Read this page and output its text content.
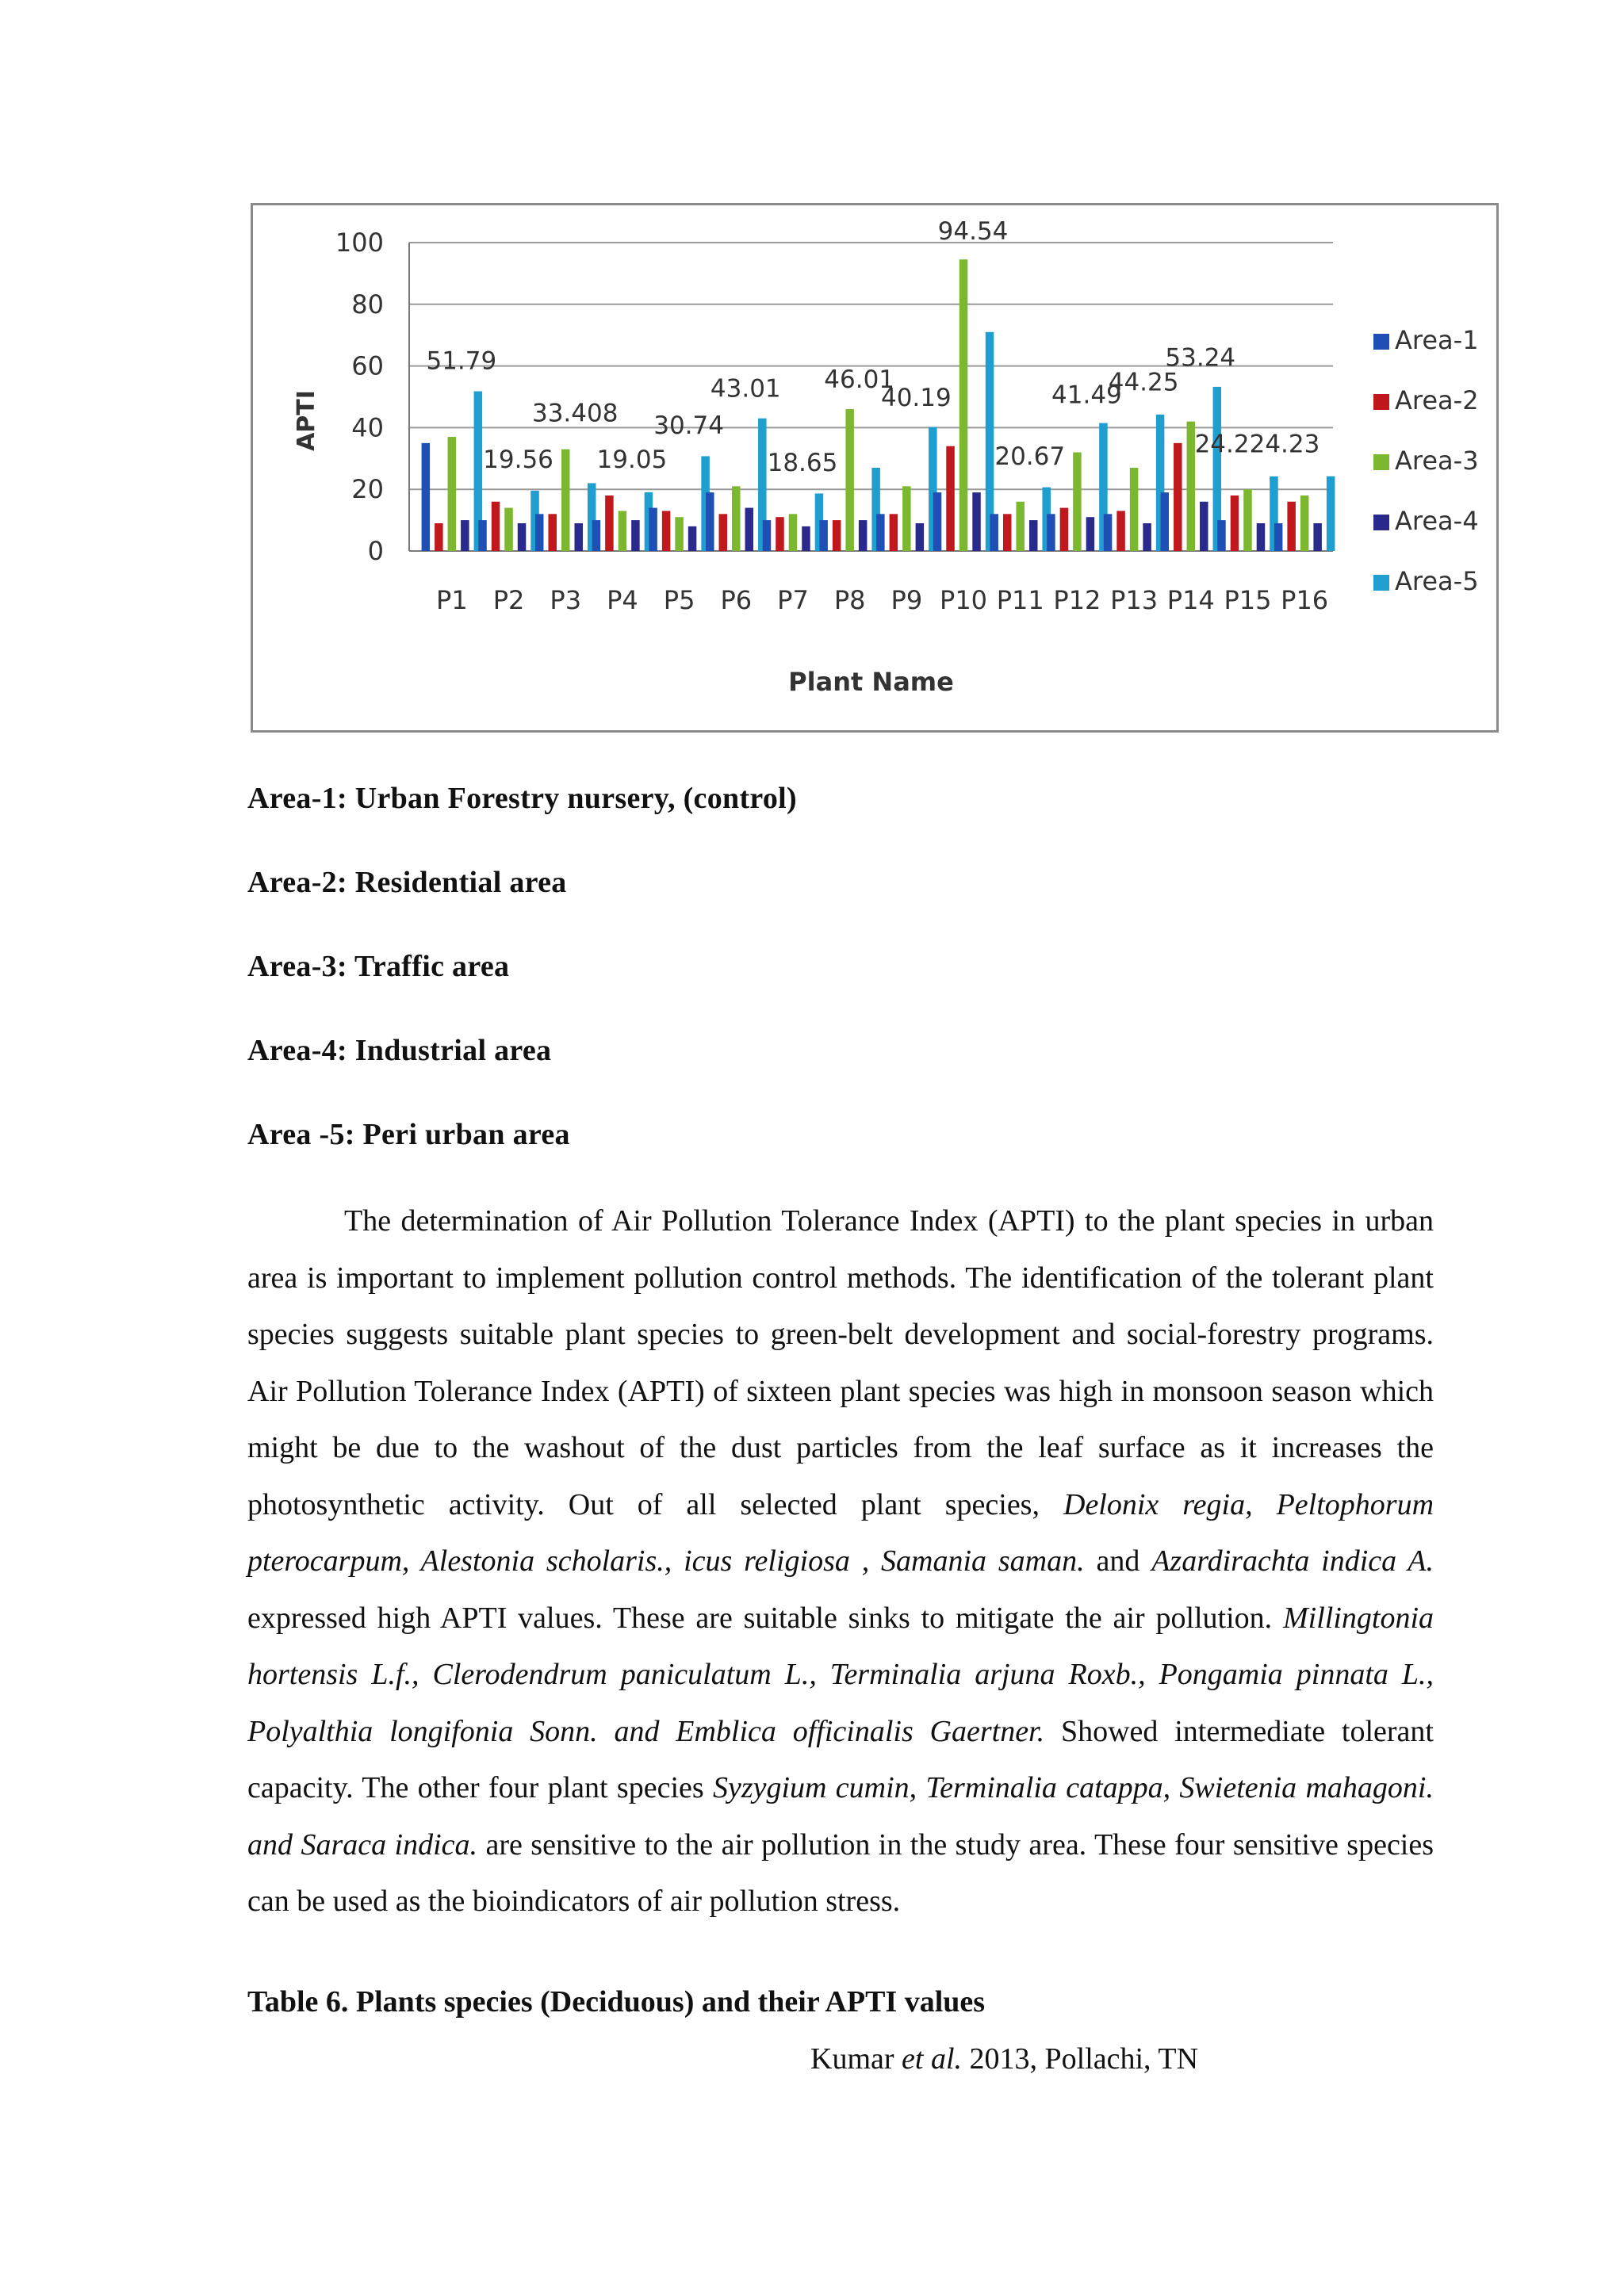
0
20
40
60
80
100
APTI
P1 P2 P3 P4 P5 P6 P7 P8 P9 P10 P11 P12 P13 P14 P15 P16
51.79
19.56
33.408
19.05
30.74
43.01
18.65
46.01
40.19
94.54
20.67
41.49
44.25
53.24
24.224.23
Plant Name
Area-1
Area-2
Area-3
Area-4
Area-5
Area-1: Urban Forestry nursery, (control)
Area-2: Residential area
Area-3: Traffic area
Area-4: Industrial area
Area -5: Peri urban area

The determination of Air Pollution Tolerance Index (APTI) to the plant species in urban area is important to implement pollution control methods. The identification of the tolerant plant species suggests suitable plant species to green-belt development and social-forestry programs. Air Pollution Tolerance Index (APTI) of sixteen plant species was high in monsoon season which might be due to the washout of the dust particles from the leaf surface as it increases the photosynthetic activity. Out of all selected plant species, Delonix regia, Peltophorum pterocarpum, Alestonia scholaris., icus religiosa , Samania saman. and Azardirachta indica A. expressed high APTI values. These are suitable sinks to mitigate the air pollution. Millingtonia hortensis L.f., Clerodendrum paniculatum L., Terminalia arjuna Roxb., Pongamia pinnata L., Polyalthia longifonia Sonn. and Emblica officinalis Gaertner. Showed intermediate tolerant capacity. The other four plant species Syzygium cumin, Terminalia catappa, Swietenia mahagoni. and Saraca indica. are sensitive to the air pollution in the study area. These four sensitive species can be used as the bioindicators of air pollution stress.

Table 6. Plants species (Deciduous) and their APTI values
Kumar et al. 2013, Pollachi, TN
